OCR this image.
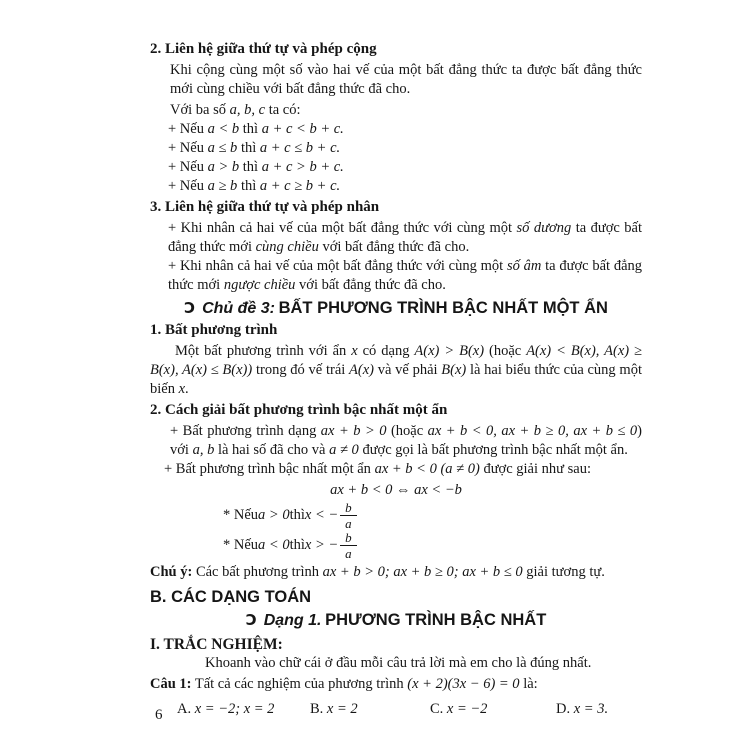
2. Liên hệ giữa thứ tự và phép cộng
Khi cộng cùng một số vào hai vế của một bất đẳng thức ta được bất đẳng thức mới cùng chiều với bất đẳng thức đã cho.
Với ba số a, b, c ta có:
+ Nếu a < b thì a + c < b + c.
+ Nếu a ≤ b thì a + c ≤ b + c.
+ Nếu a > b thì a + c > b + c.
+ Nếu a ≥ b thì a + c ≥ b + c.
3. Liên hệ giữa thứ tự và phép nhân
+ Khi nhân cả hai vế của một bất đẳng thức với cùng một số dương ta được bất đẳng thức mới cùng chiều với bất đẳng thức đã cho.
+ Khi nhân cả hai vế của một bất đẳng thức với cùng một số âm ta được bất đẳng thức mới ngược chiều với bất đẳng thức đã cho.
Ɔ Chủ đề 3: BẤT PHƯƠNG TRÌNH BẬC NHẤT MỘT ẨN
1. Bất phương trình
Một bất phương trình với ẩn x có dạng A(x) > B(x) (hoặc A(x) < B(x), A(x) ≥ B(x), A(x) ≤ B(x)) trong đó vế trái A(x) và vế phải B(x) là hai biểu thức của cùng một biến x.
2. Cách giải bất phương trình bậc nhất một ẩn
+ Bất phương trình dạng ax + b > 0 (hoặc ax + b < 0, ax + b ≥ 0, ax + b ≤ 0) với a, b là hai số đã cho và a ≠ 0 được gọi là bất phương trình bậc nhất một ẩn.
+ Bất phương trình bậc nhất một ẩn ax + b < 0 (a ≠ 0) được giải như sau:
ax + b < 0 ⇔ ax < −b
* Nếu a > 0 thì x < − $\frac{b}{a}$
* Nếu a < 0 thì x > − $\frac{b}{a}$
Chú ý: Các bất phương trình ax + b > 0; ax + b ≥ 0; ax + b ≤ 0 giải tương tự.
B. CÁC DẠNG TOÁN
Ɔ Dạng 1. PHƯƠNG TRÌNH BẬC NHẤT
I. TRẮC NGHIỆM:
Khoanh vào chữ cái ở đầu mỗi câu trả lời mà em cho là đúng nhất.
Câu 1: Tất cả các nghiệm của phương trình (x + 2)(3x − 6) = 0 là:
A. x = −2; x = 2	B. x = 2	C. x = −2	D. x = 3.
6
